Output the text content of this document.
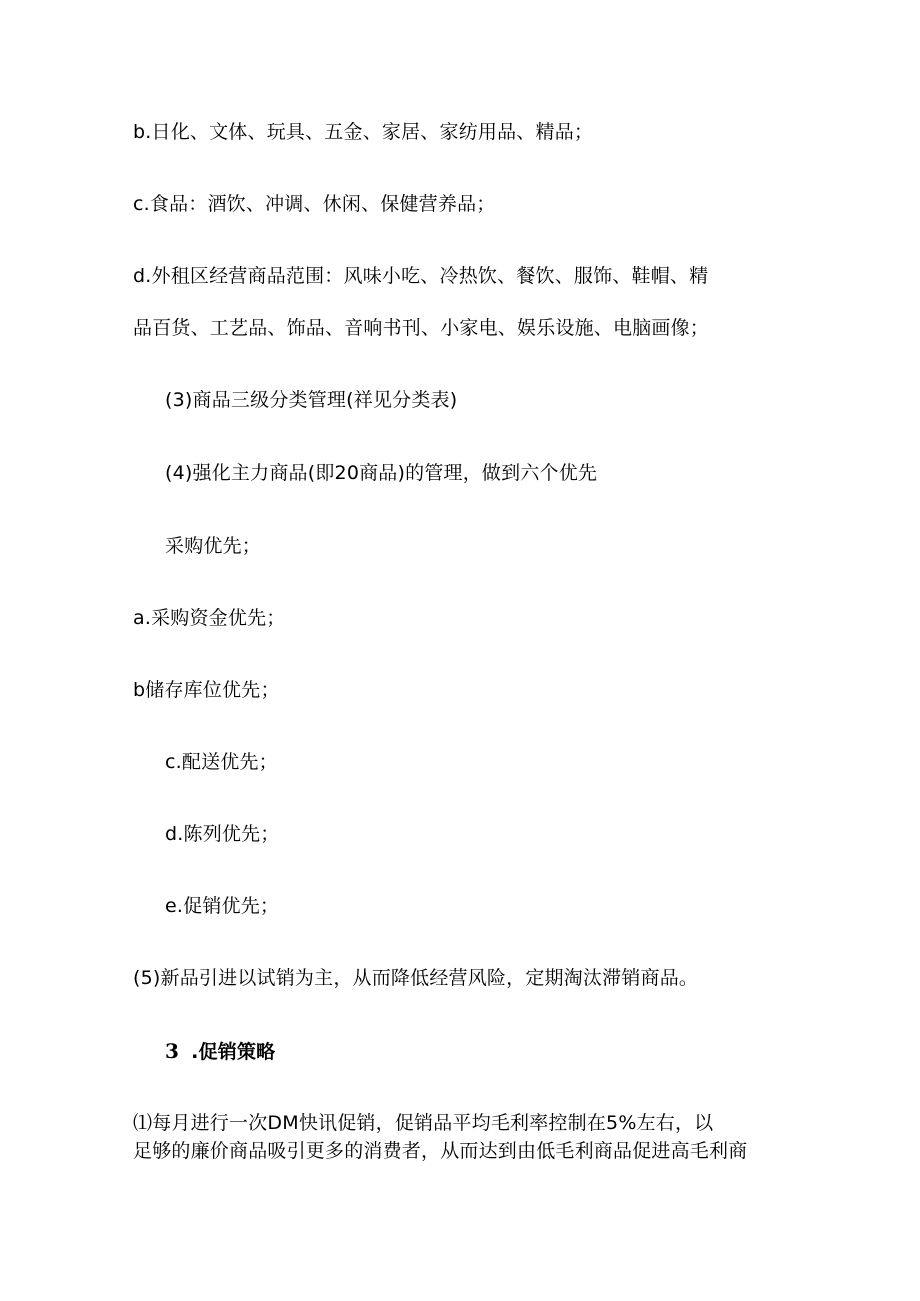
b.日化、文体、玩具、五金、家居、家纺用品、精品；
c.食品：酒饮、冲调、休闲、保健营养品；
d.外租区经营商品范围：风味小吃、冷热饮、餐饮、服饰、鞋帽、精
品百货、工艺品、饰品、音响书刊、小家电、娱乐设施、电脑画像；
(3)商品三级分类管理(祥见分类表)
(4)强化主力商品(即20商品)的管理，做到六个优先
采购优先；
a.采购资金优先；
b储存库位优先；
c.配送优先；
d.陈列优先；
e.促销优先；
(5)新品引进以试销为主，从而降低经营风险，定期淘汰滞销商品。
3 .促销策略
⑴每月进行一次DM快讯促销，促销品平均毛利率控制在5%左右，以
足够的廉价商品吸引更多的消费者，从而达到由低毛利商品促进高毛利商
